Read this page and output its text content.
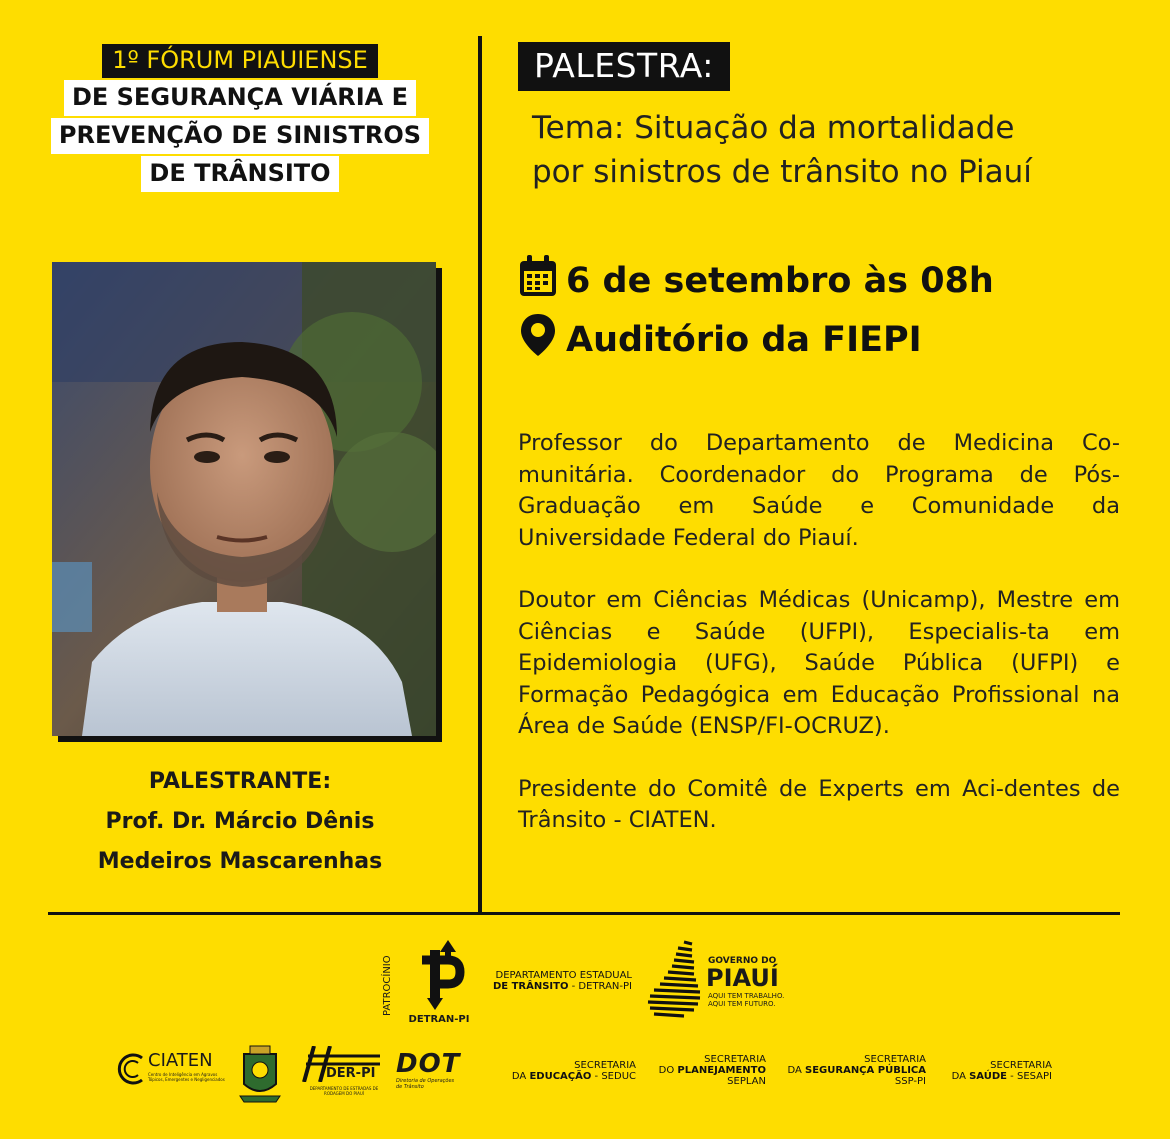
1º FÓRUM PIAUIENSE
DE SEGURANÇA VIÁRIA E
PREVENÇÃO DE SINISTROS
DE TRÂNSITO
PALESTRANTE:
Prof. Dr. Márcio Dênis
Medeiros Mascarenhas
PALESTRA:
Tema: Situação da mortalidade
por sinistros de trânsito no Piauí
6 de setembro às 08h
Auditório da FIEPI

Professor do Departamento de Medicina Co-munitária. Coordenador do Programa de Pós-Graduação em Saúde e Comunidade da Universidade Federal do Piauí.

Doutor em Ciências Médicas (Unicamp), Mestre em Ciências e Saúde (UFPI), Especialis-ta em Epidemiologia (UFG), Saúde Pública (UFPI) e Formação Pedagógica em Educação Profissional na Área de Saúde (ENSP/FI-OCRUZ).

Presidente do Comitê de Experts em Aci-dentes de Trânsito - CIATEN.

PATROCÍNIO
DETRAN-PI
DEPARTAMENTO ESTADUAL
DE TRÂNSITO - DETRAN-PI
GOVERNO DO
PIAUÍ
AQUI TEM TRABALHO.
AQUI TEM FUTURO.
CIATEN
Centro de Inteligência em Agravos Tópicos, Emergentes e Negligenciados	DER-PI
DEPARTAMENTO DE ESTRADAS DE RODAGEM DO PIAUÍ
DOT
Diretoria de Operações de Trânsito
SECRETARIA
DA EDUCAÇÃO - SEDUC
SECRETARIA
DO PLANEJAMENTO
SEPLAN
SECRETARIA
DA SEGURANÇA PÚBLICA
SSP-PI
SECRETARIA
DA SAÚDE - SESAPI
